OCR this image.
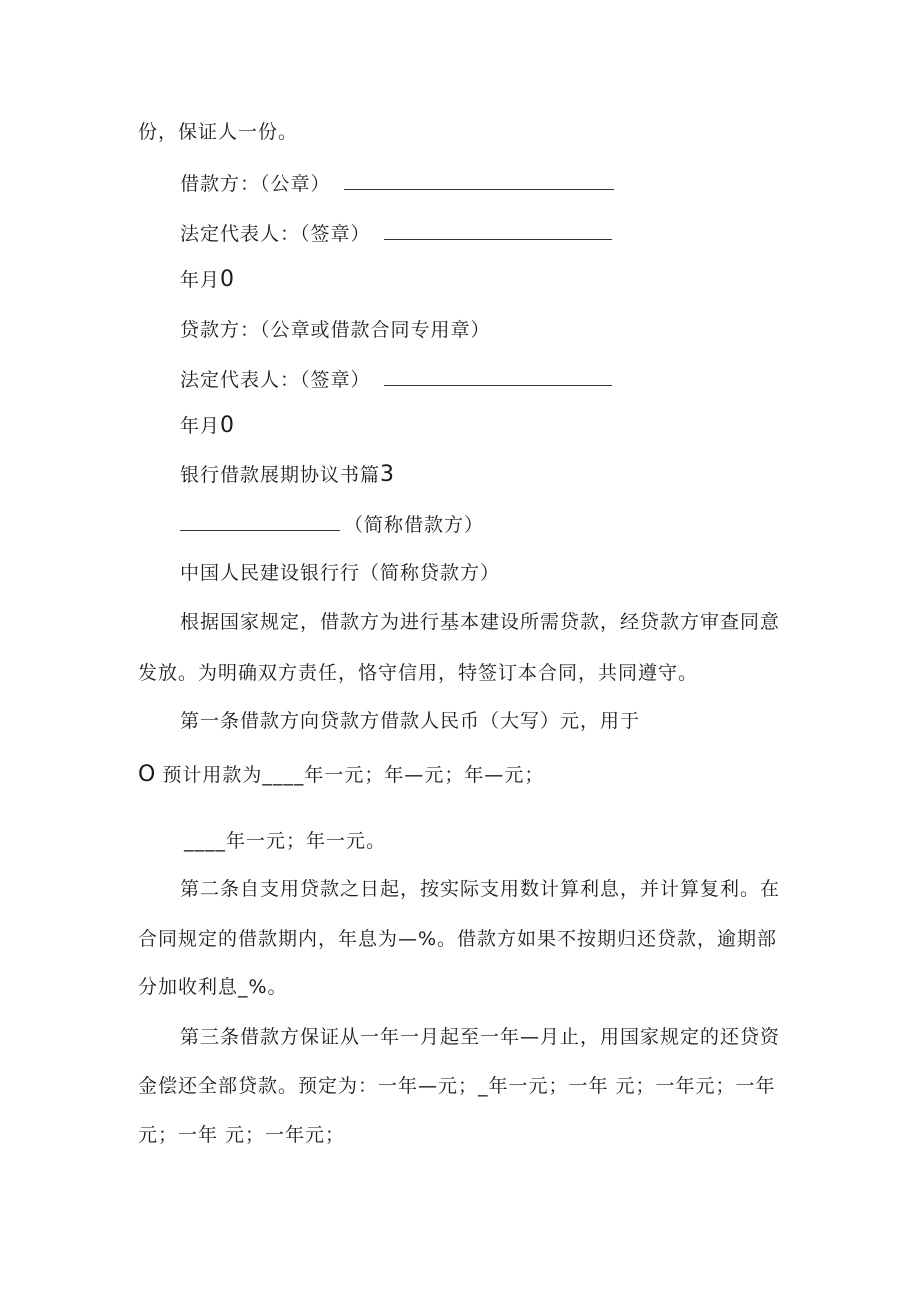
份，保证人一份。
借款方：（公章）
法定代表人：（签章）
年月0
贷款方：（公章或借款合同专用章）
法定代表人：（签章）
年月0
银行借款展期协议书篇3
（简称借款方）
中国人民建设银行行（简称贷款方）
根据国家规定，借款方为进行基本建设所需贷款，经贷款方审查同意
发放。为明确双方责任，恪守信用，特签订本合同，共同遵守。
第一条借款方向贷款方借款人民币（大写）元，用于
O 预计用款为____年一元；年—元；年—元；
____年一元；年一元。
第二条自支用贷款之日起，按实际支用数计算利息，并计算复利。在
合同规定的借款期内，年息为—%。借款方如果不按期归还贷款，逾期部
分加收利息_%。
第三条借款方保证从一年一月起至一年—月止，用国家规定的还贷资
金偿还全部贷款。预定为：一年—元；_年一元；一年 元；一年元；一年
元；一年 元；一年元；
